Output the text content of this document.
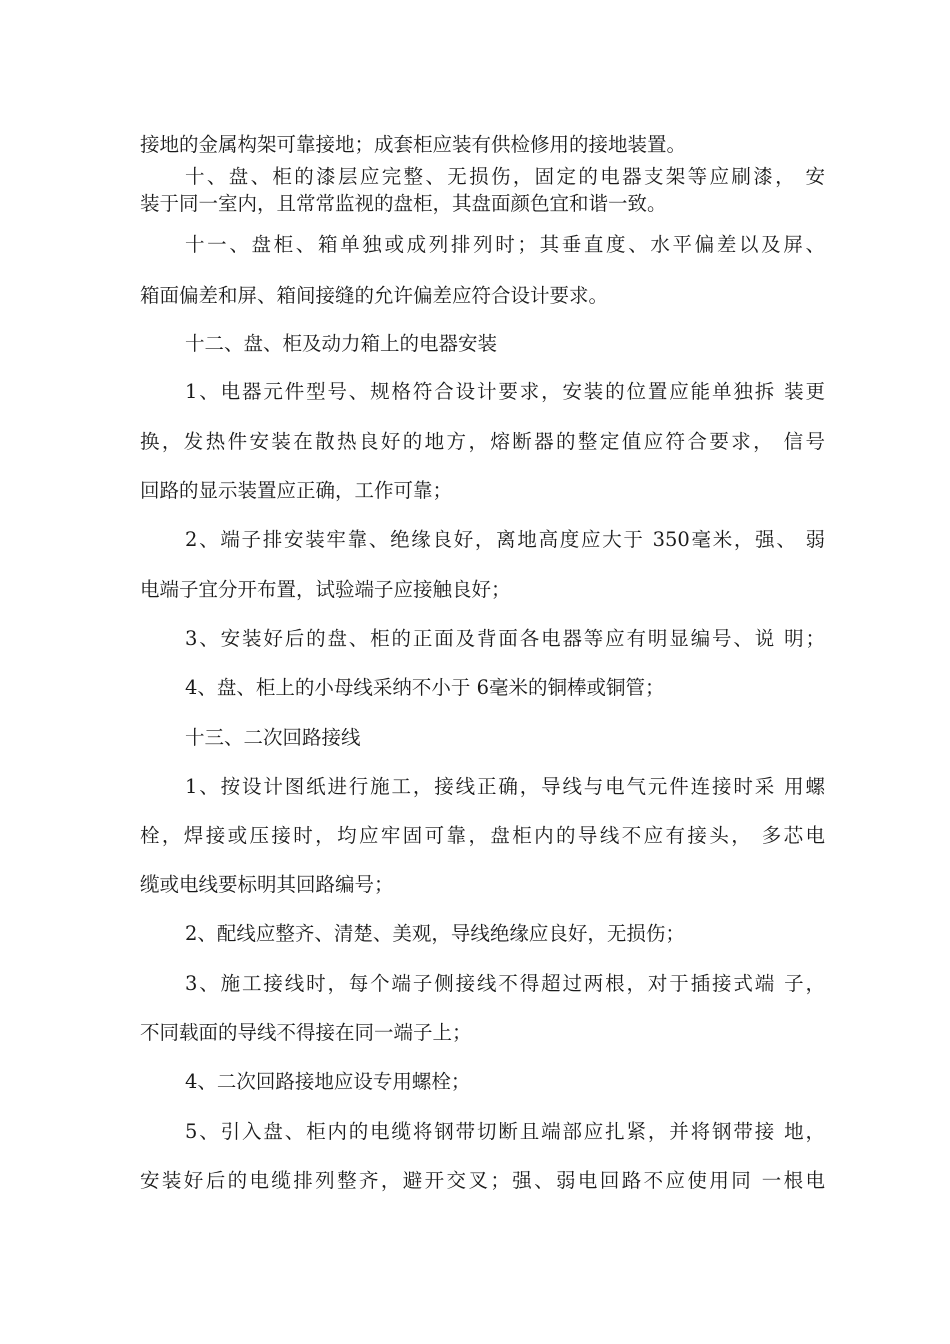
接地的金属构架可靠接地；成套柜应装有供检修用的接地装置。
十、盘、柜的漆层应完整、无损伤，固定的电器支架等应刷漆， 安
装于同一室内，且常常监视的盘柜，其盘面颜色宜和谐一致。
十一、盘柜、箱单独或成列排列时；其垂直度、水平偏差以及屏、
箱面偏差和屏、箱间接缝的允许偏差应符合设计要求。
十二、盘、柜及动力箱上的电器安装
1、电器元件型号、规格符合设计要求，安装的位置应能单独拆 装更
换，发热件安装在散热良好的地方，熔断器的整定值应符合要求， 信号
回路的显示装置应正确，工作可靠；
2、端子排安装牢靠、绝缘良好，离地高度应大于 350毫米，强、 弱
电端子宜分开布置，试验端子应接触良好；
3、安装好后的盘、柜的正面及背面各电器等应有明显编号、说 明；
4、盘、柜上的小母线采纳不小于 6毫米的铜棒或铜管；
十三、二次回路接线
1、按设计图纸进行施工，接线正确，导线与电气元件连接时采 用螺
栓，焊接或压接时，均应牢固可靠，盘柜内的导线不应有接头， 多芯电
缆或电线要标明其回路编号；
2、配线应整齐、清楚、美观，导线绝缘应良好，无损伤；
3、施工接线时，每个端子侧接线不得超过两根，对于插接式端 子，
不同载面的导线不得接在同一端子上；
4、二次回路接地应设专用螺栓；
5、引入盘、柜内的电缆将钢带切断且端部应扎紧，并将钢带接 地，
安装好后的电缆排列整齐，避开交叉；强、弱电回路不应使用同 一根电
